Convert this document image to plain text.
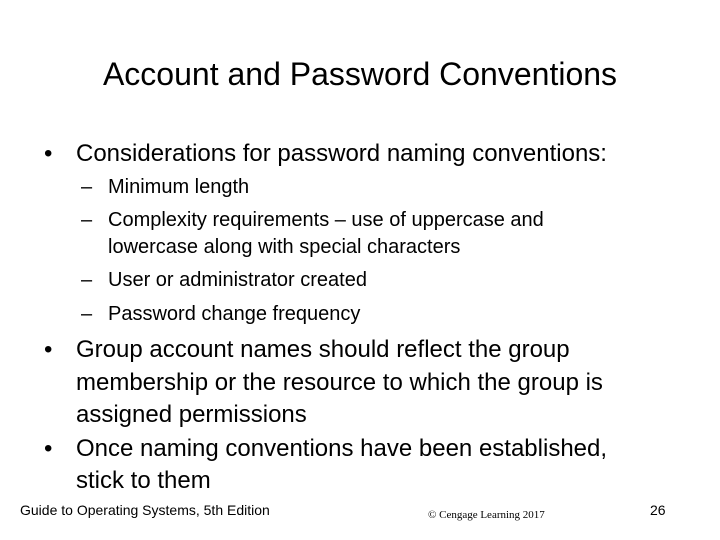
Account and Password Conventions
• Considerations for password naming conventions:
– Minimum length
– Complexity requirements – use of uppercase and
lowercase along with special characters
– User or administrator created
– Password change frequency
• Group account names should reflect the group
membership or the resource to which the group is
assigned permissions
• Once naming conventions have been established,
stick to them
Guide to Operating Systems, 5th Edition	© Cengage Learning 2017	26
